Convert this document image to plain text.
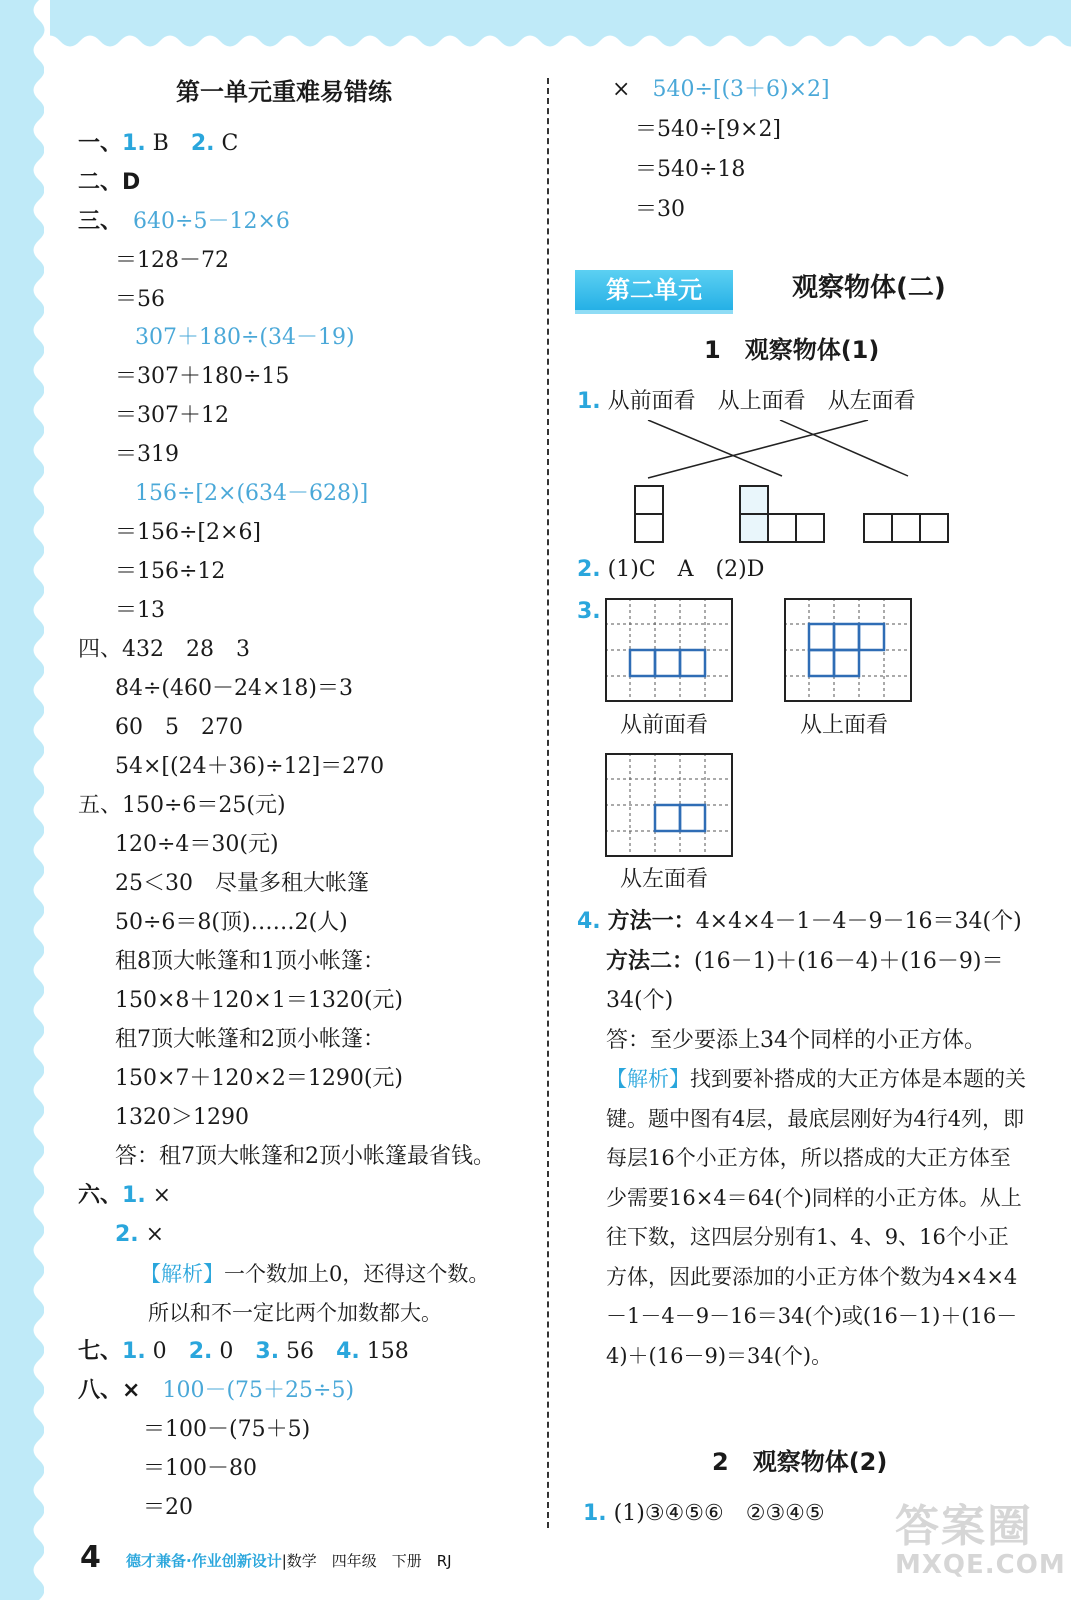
第一单元重难易错练
一、1. B　 2. C
二、D
三、　 640÷5－12×6
＝128－72
＝56
307＋180÷(34－19)
＝307＋180÷15
＝307＋12
＝319
156÷[2×(634－628)]
＝156÷[2×6]
＝156÷12
＝13
四、432　28　3
84÷(460－24×18)＝3
60　5　270
54×[(24＋36)÷12]＝270
五、150÷6＝25(元)
120÷4＝30(元)
25＜30　尽量多租大帐篷
50÷6＝8(顶)……2(人)
租8顶大帐篷和1顶小帐篷：
150×8＋120×1＝1320(元)
租7顶大帐篷和2顶小帐篷：
150×7＋120×2＝1290(元)
1320＞1290
答：租7顶大帐篷和2顶小帐篷最省钱。
六、1. ×
2. ×
【解析】一个数加上0，还得这个数。
所以和不一定比两个加数都大。
七、1. 0　 2. 0　 3. 56　 4. 158
八、×　 100－(75＋25÷5)
＝100－(75＋5)
＝100－80
＝20
×　 540÷[(3＋6)×2]
＝540÷[9×2]
＝540÷18
＝30
第二单元	观察物体(二)
1　观察物体(1)
1. 从前面看　从上面看　从左面看
2. (1)C　A　(2)D
3.
从前面看	从上面看
从左面看
4. 方法一：4×4×4－1－4－9－16＝34(个)
方法二：(16－1)＋(16－4)＋(16－9)＝
34(个)
答：至少要添上34个同样的小正方体。
【解析】找到要补搭成的大正方体是本题的关键。题中图有4层，最底层刚好为4行4列，即每层16个小正方体，所以搭成的大正方体至少需要16×4＝64(个)同样的小正方体。从上往下数，这四层分别有1、4、9、16个小正方体，因此要添加的小正方体个数为4×4×4－1－4－9－16＝34(个)或(16－1)＋(16－4)＋(16－9)＝34(个)。
2　观察物体(2)
1. (1)③④⑤⑥　②③④⑤
4 德才兼备·作业创新设计|数学　四年级　下册　RJ
答案圈
MXQE.COM
